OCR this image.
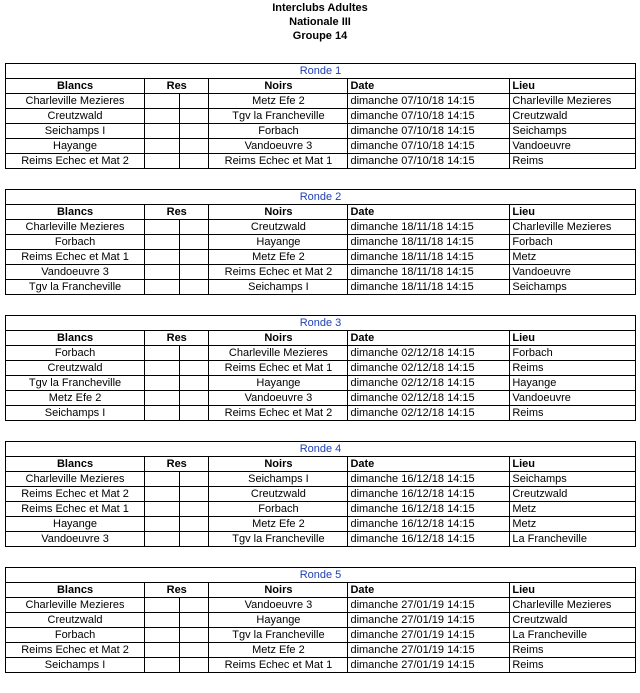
Interclubs Adultes
Nationale III
Groupe 14
Ronde 1					
Blancs	Res		Noirs	Date	Lieu
Charleville Mezieres			Metz Efe 2	dimanche 07/10/18 14:15	Charleville Mezieres
Creutzwald			Tgv la Francheville	dimanche 07/10/18 14:15	Creutzwald
Seichamps I			Forbach	dimanche 07/10/18 14:15	Seichamps
Hayange			Vandoeuvre 3	dimanche 07/10/18 14:15	Vandoeuvre
Reims Echec et Mat 2			Reims Echec et Mat 1	dimanche 07/10/18 14:15	Reims
Ronde 2					
Blancs	Res		Noirs	Date	Lieu
Charleville Mezieres			Creutzwald	dimanche 18/11/18 14:15	Charleville Mezieres
Forbach			Hayange	dimanche 18/11/18 14:15	Forbach
Reims Echec et Mat 1			Metz Efe 2	dimanche 18/11/18 14:15	Metz
Vandoeuvre 3			Reims Echec et Mat 2	dimanche 18/11/18 14:15	Vandoeuvre
Tgv la Francheville			Seichamps I	dimanche 18/11/18 14:15	Seichamps
Ronde 3					
Blancs	Res		Noirs	Date	Lieu
Forbach			Charleville Mezieres	dimanche 02/12/18 14:15	Forbach
Creutzwald			Reims Echec et Mat 1	dimanche 02/12/18 14:15	Reims
Tgv la Francheville			Hayange	dimanche 02/12/18 14:15	Hayange
Metz Efe 2			Vandoeuvre 3	dimanche 02/12/18 14:15	Vandoeuvre
Seichamps I			Reims Echec et Mat 2	dimanche 02/12/18 14:15	Reims
Ronde 4					
Blancs	Res		Noirs	Date	Lieu
Charleville Mezieres			Seichamps I	dimanche 16/12/18 14:15	Seichamps
Reims Echec et Mat 2			Creutzwald	dimanche 16/12/18 14:15	Creutzwald
Reims Echec et Mat 1			Forbach	dimanche 16/12/18 14:15	Metz
Hayange			Metz Efe 2	dimanche 16/12/18 14:15	Metz
Vandoeuvre 3			Tgv la Francheville	dimanche 16/12/18 14:15	La Francheville
Ronde 5					
Blancs	Res		Noirs	Date	Lieu
Charleville Mezieres			Vandoeuvre 3	dimanche 27/01/19 14:15	Charleville Mezieres
Creutzwald			Hayange	dimanche 27/01/19 14:15	Creutzwald
Forbach			Tgv la Francheville	dimanche 27/01/19 14:15	La Francheville
Reims Echec et Mat 2			Metz Efe 2	dimanche 27/01/19 14:15	Reims
Seichamps I			Reims Echec et Mat 1	dimanche 27/01/19 14:15	Reims
